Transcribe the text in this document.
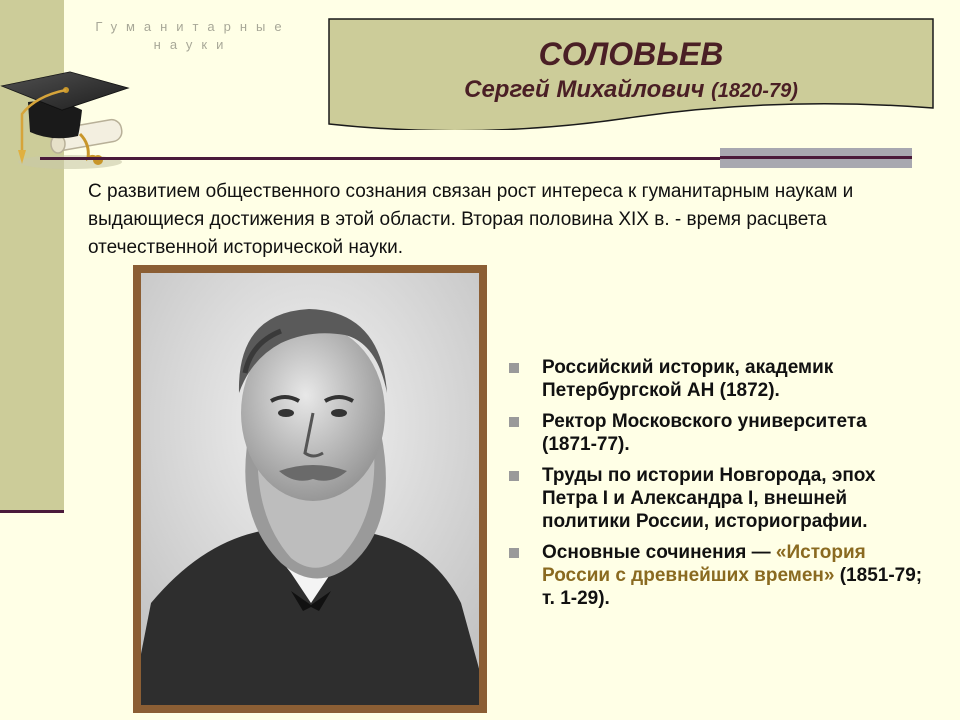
Гуманитарные
науки	СОЛОВЬЕВ
Сергей Михайлович (1820-79)
С развитием общественного сознания связан рост интереса к гуманитарным наукам и выдающиеся достижения в этой области. Вторая половина XIX в. - время расцвета отечественной исторической науки.
Российский историк, академик Петербургской АН (1872).
Ректор Московского университета (1871-77).
Труды по истории Новгорода, эпох Петра I и Александра I, внешней политики России, историографии.
Основные сочинения — «История России с древнейших времен» (1851-79; т. 1-29).
